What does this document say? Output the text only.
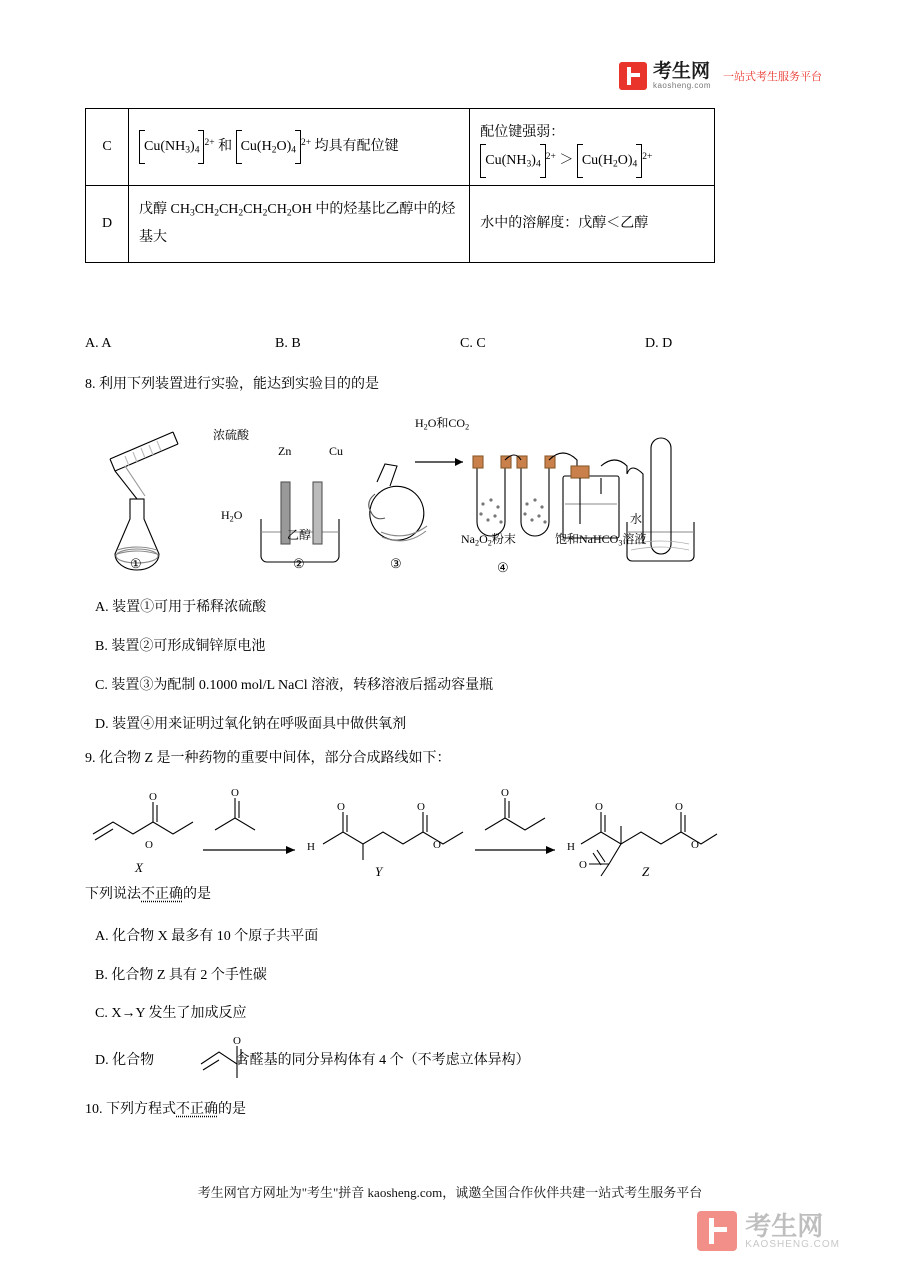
考生网
kaosheng.com
一站式考生服务平台
C	$Cu(NH_3)_4^{2+}$ 和 $Cu(H_2O)_4^{2+}$ 均具有配位键	配位键强弱：
$Cu(NH_3)_4^{2+} > Cu(H_2O)_4^{2+}$

D	戊醇 $CH_3CH_2CH_2CH_2CH_2OH$ 中的烃基比乙醇中的烃基大	水中的溶解度：戊醇＜乙醇
A. A	B. B	C. C	D. D
8. 利用下列装置进行实验，能达到实验目的的是
浓硫酸
$H_2O$
Zn	Cu
乙醇
$H_2O$和$CO_2$
$Na_2O_2$粉末	饱和NaHCO$_3$溶液
水
①	②	③	④
A. 装置①可用于稀释浓硫酸
B. 装置②可形成铜锌原电池
C. 装置③为配制 0.1000 mol/L NaCl 溶液，转移溶液后摇动容量瓶
D. 装置④用来证明过氧化钠在呼吸面具中做供氧剂
9. 化合物 Z 是一种药物的重要中间体，部分合成路线如下：
O
O	O
H
O	O
O
O
H
O	O
O
O
X	Y	Z
下列说法不正确的是
A. 化合物 X 最多有 10 个原子共平面
B. 化合物 Z 具有 2 个手性碳
C. X→Y 发生了加成反应
D. 化合物	含醛基的同分异构体有 4 个（不考虑立体异构）
O
10. 下列方程式不正确的是
考生网官方网址为"考生"拼音 kaosheng.com，诚邀全国合作伙伴共建一站式考生服务平台
考生网
KAOSHENG.COM
